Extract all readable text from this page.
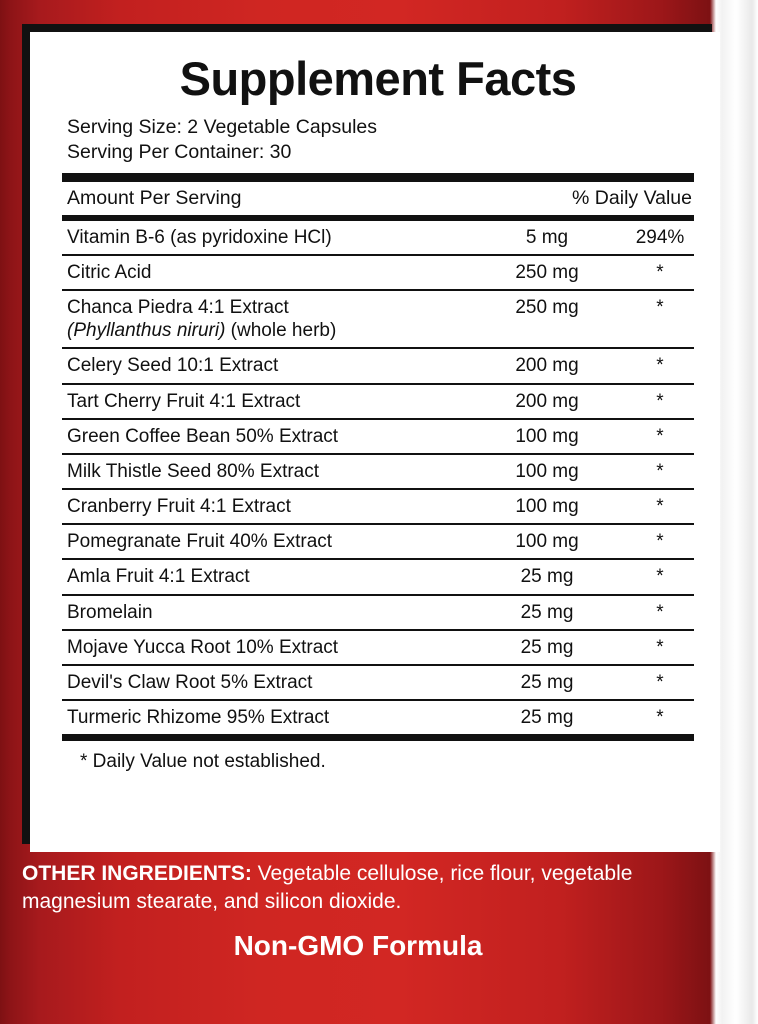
Supplement Facts
Serving Size: 2 Vegetable Capsules
Serving Per Container: 30
Amount Per Serving	% Daily Value
Vitamin B-6 (as pyridoxine HCl)	5 mg	294%
Citric Acid	250 mg	*
Chanca Piedra 4:1 Extract
(Phyllanthus niruri) (whole herb)
250 mg	*
Celery Seed 10:1 Extract	200 mg	*
Tart Cherry Fruit 4:1 Extract	200 mg	*
Green Coffee Bean 50% Extract	100 mg	*
Milk Thistle Seed 80% Extract	100 mg	*
Cranberry Fruit 4:1 Extract	100 mg	*
Pomegranate Fruit 40% Extract	100 mg	*
Amla Fruit 4:1 Extract	25 mg	*
Bromelain	25 mg	*
Mojave Yucca Root 10% Extract	25 mg	*
Devil's Claw Root 5% Extract	25 mg	*
Turmeric Rhizome 95% Extract	25 mg	*
* Daily Value not established.
OTHER INGREDIENTS: Vegetable cellulose, rice flour, vegetable magnesium stearate, and silicon dioxide.
Non-GMO Formula
